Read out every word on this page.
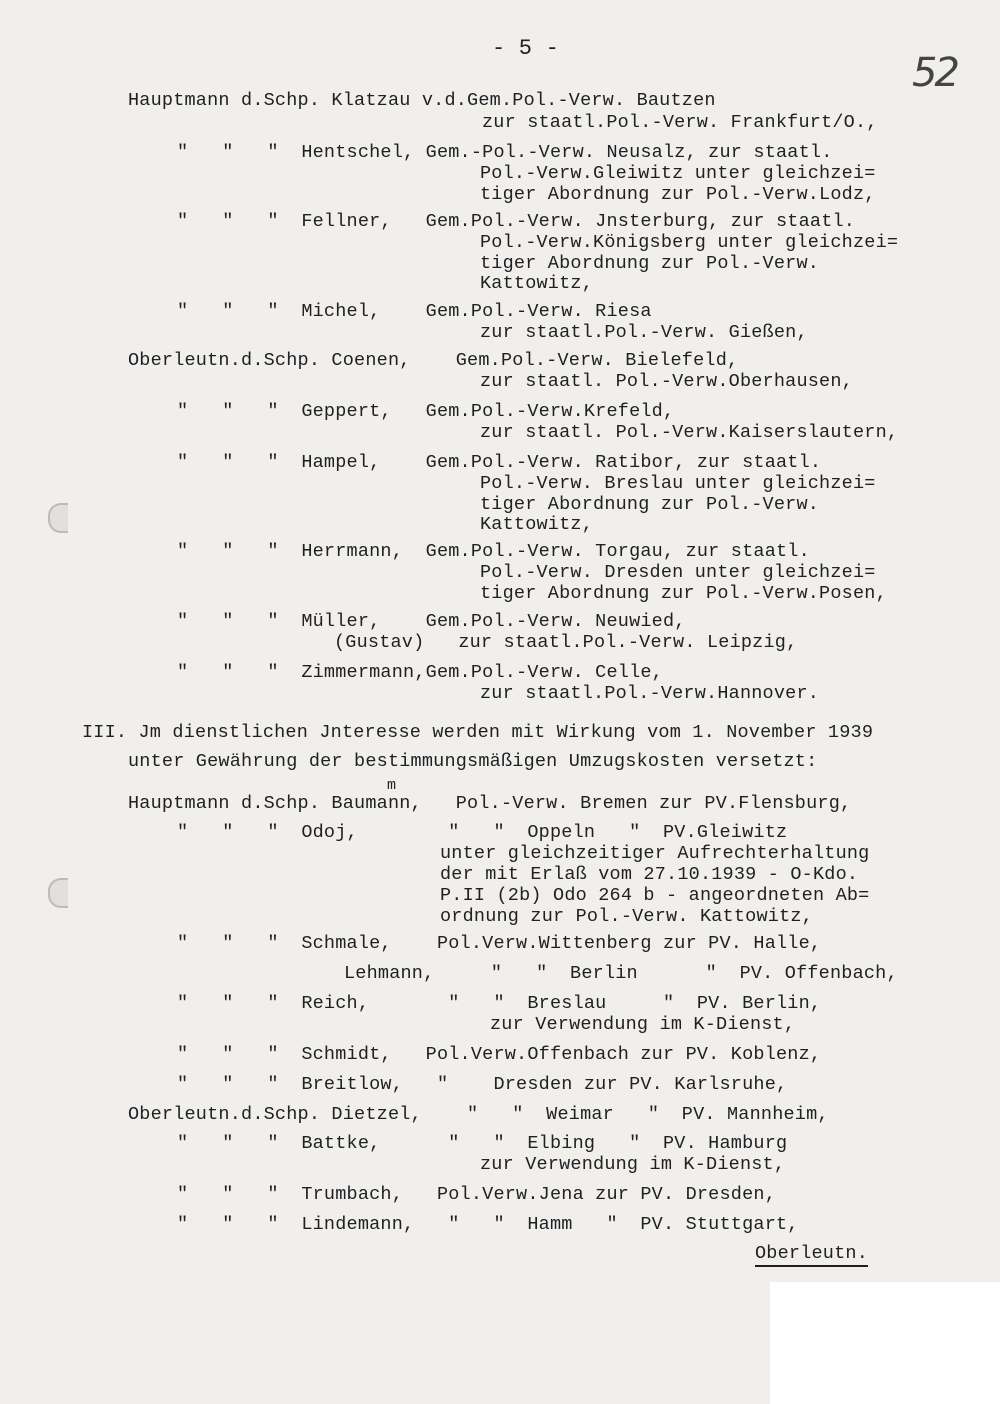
- 5 -
52
Hauptmann d.Schp. Klatzau v.d.Gem.Pol.-Verw. Bautzen
zur staatl.Pol.-Verw. Frankfurt/O.,
"   "   "  Hentschel, Gem.-Pol.-Verw. Neusalz, zur staatl.
Pol.-Verw.Gleiwitz unter gleichzei=
tiger Abordnung zur Pol.-Verw.Lodz,
"   "   "  Fellner,   Gem.Pol.-Verw. Jnsterburg, zur staatl.
Pol.-Verw.Königsberg unter gleichzei=
tiger Abordnung zur Pol.-Verw.
Kattowitz,
"   "   "  Michel,    Gem.Pol.-Verw. Riesa
zur staatl.Pol.-Verw. Gießen,
Oberleutn.d.Schp. Coenen,    Gem.Pol.-Verw. Bielefeld,
zur staatl. Pol.-Verw.Oberhausen,
"   "   "  Geppert,   Gem.Pol.-Verw.Krefeld,
zur staatl. Pol.-Verw.Kaiserslautern,
"   "   "  Hampel,    Gem.Pol.-Verw. Ratibor, zur staatl.
Pol.-Verw. Breslau unter gleichzei=
tiger Abordnung zur Pol.-Verw.
Kattowitz,
"   "   "  Herrmann,  Gem.Pol.-Verw. Torgau, zur staatl.
Pol.-Verw. Dresden unter gleichzei=
tiger Abordnung zur Pol.-Verw.Posen,
"   "   "  Müller,    Gem.Pol.-Verw. Neuwied,
(Gustav)   zur staatl.Pol.-Verw. Leipzig,
"   "   "  Zimmermann,Gem.Pol.-Verw. Celle,
zur staatl.Pol.-Verw.Hannover.
III. Jm dienstlichen Jnteresse werden mit Wirkung vom 1. November 1939
unter Gewährung der bestimmungsmäßigen Umzugskosten versetzt:
Hauptmann d.Schp. Baumann,   Pol.-Verw. Bremen zur PV.Flensburg,
m
"   "   "  Odoj,        "   "  Oppeln   "  PV.Gleiwitz
unter gleichzeitiger Aufrechterhaltung
der mit Erlaß vom 27.10.1939 - O-Kdo.
P.II (2b) Odo 264 b - angeordneten Ab=
ordnung zur Pol.-Verw. Kattowitz,
"   "   "  Schmale,    Pol.Verw.Wittenberg zur PV. Halle,
Lehmann,     "   "  Berlin      "  PV. Offenbach,
"   "   "  Reich,       "   "  Breslau     "  PV. Berlin,
zur Verwendung im K-Dienst,
"   "   "  Schmidt,   Pol.Verw.Offenbach zur PV. Koblenz,
"   "   "  Breitlow,   "    Dresden zur PV. Karlsruhe,
Oberleutn.d.Schp. Dietzel,    "   "  Weimar   "  PV. Mannheim,
"   "   "  Battke,      "   "  Elbing   "  PV. Hamburg
zur Verwendung im K-Dienst,
"   "   "  Trumbach,   Pol.Verw.Jena zur PV. Dresden,
"   "   "  Lindemann,   "   "  Hamm   "  PV. Stuttgart,
Oberleutn.
